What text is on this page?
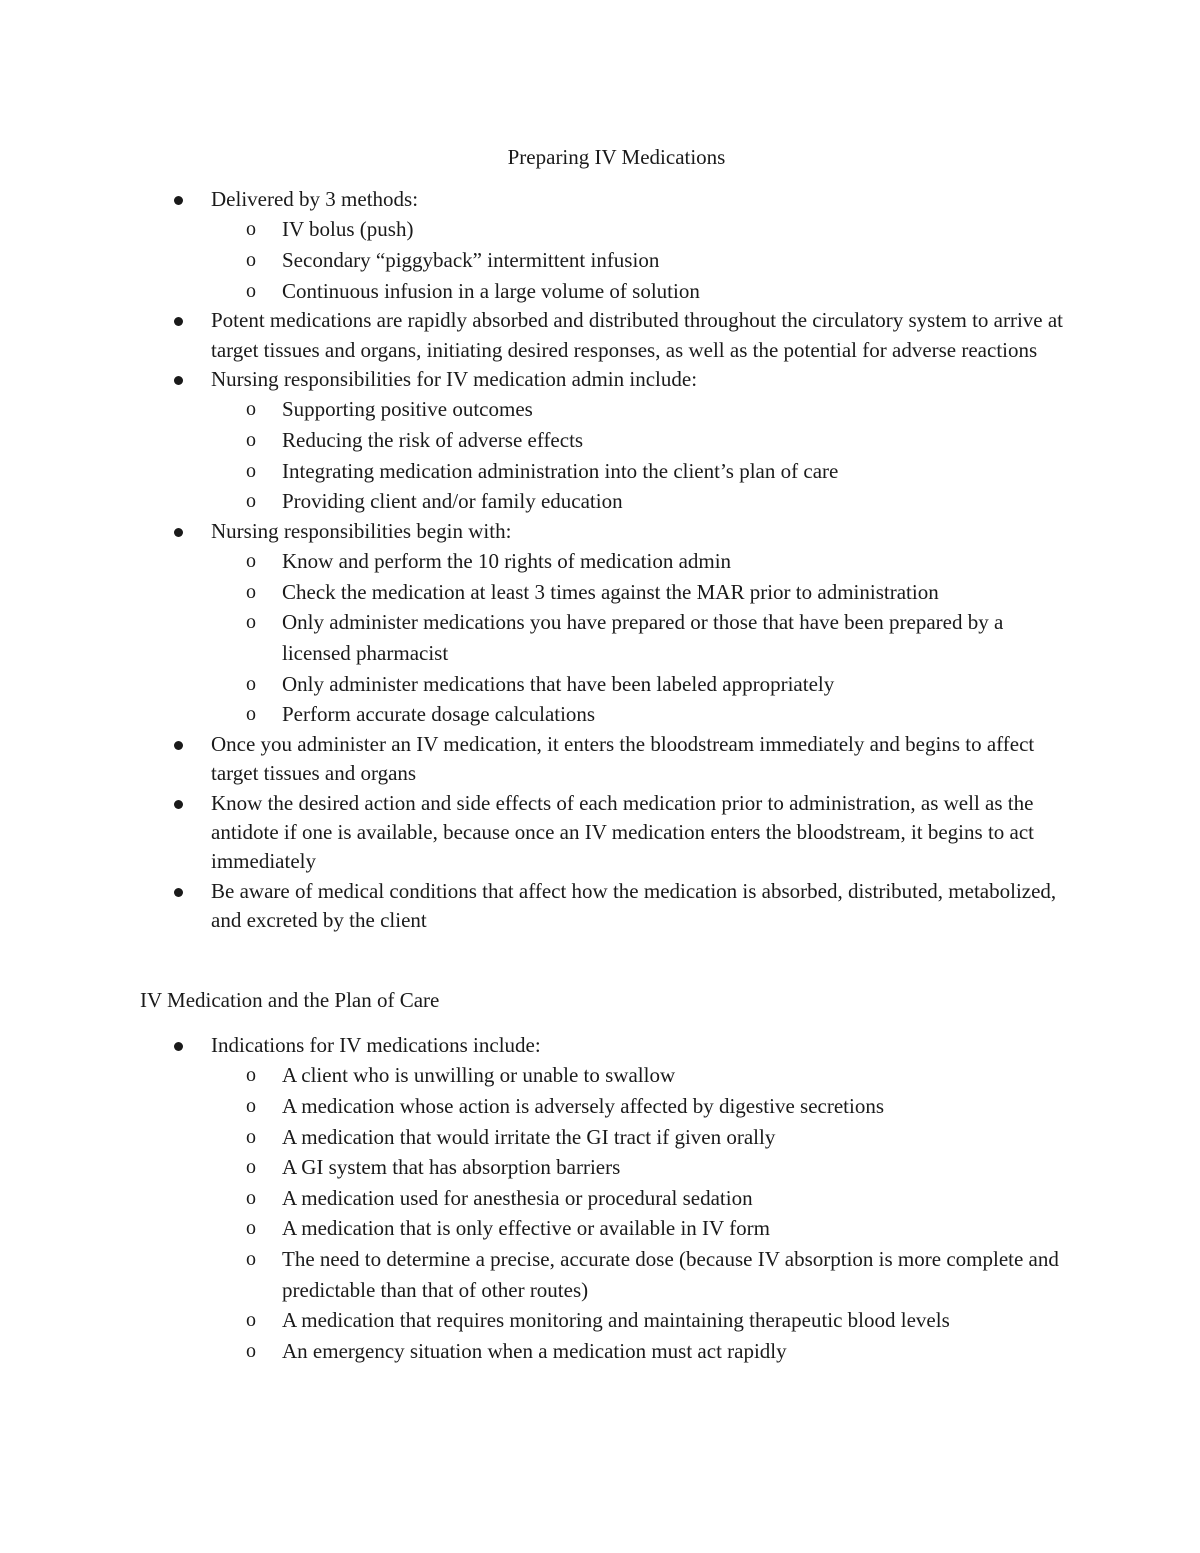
Preparing IV Medications
Delivered by 3 methods:
o IV bolus (push)
o Secondary “piggyback” intermittent infusion
o Continuous infusion in a large volume of solution
Potent medications are rapidly absorbed and distributed throughout the circulatory system to arrive at target tissues and organs, initiating desired responses, as well as the potential for adverse reactions
Nursing responsibilities for IV medication admin include:
o Supporting positive outcomes
o Reducing the risk of adverse effects
o Integrating medication administration into the client’s plan of care
o Providing client and/or family education
Nursing responsibilities begin with:
o Know and perform the 10 rights of medication admin
o Check the medication at least 3 times against the MAR prior to administration
o Only administer medications you have prepared or those that have been prepared by a licensed pharmacist
o Only administer medications that have been labeled appropriately
o Perform accurate dosage calculations
Once you administer an IV medication, it enters the bloodstream immediately and begins to affect target tissues and organs
Know the desired action and side effects of each medication prior to administration, as well as the antidote if one is available, because once an IV medication enters the bloodstream, it begins to act immediately
Be aware of medical conditions that affect how the medication is absorbed, distributed, metabolized, and excreted by the client
IV Medication and the Plan of Care
Indications for IV medications include:
o A client who is unwilling or unable to swallow
o A medication whose action is adversely affected by digestive secretions
o A medication that would irritate the GI tract if given orally
o A GI system that has absorption barriers
o A medication used for anesthesia or procedural sedation
o A medication that is only effective or available in IV form
o The need to determine a precise, accurate dose (because IV absorption is more complete and predictable than that of other routes)
o A medication that requires monitoring and maintaining therapeutic blood levels
o An emergency situation when a medication must act rapidly
